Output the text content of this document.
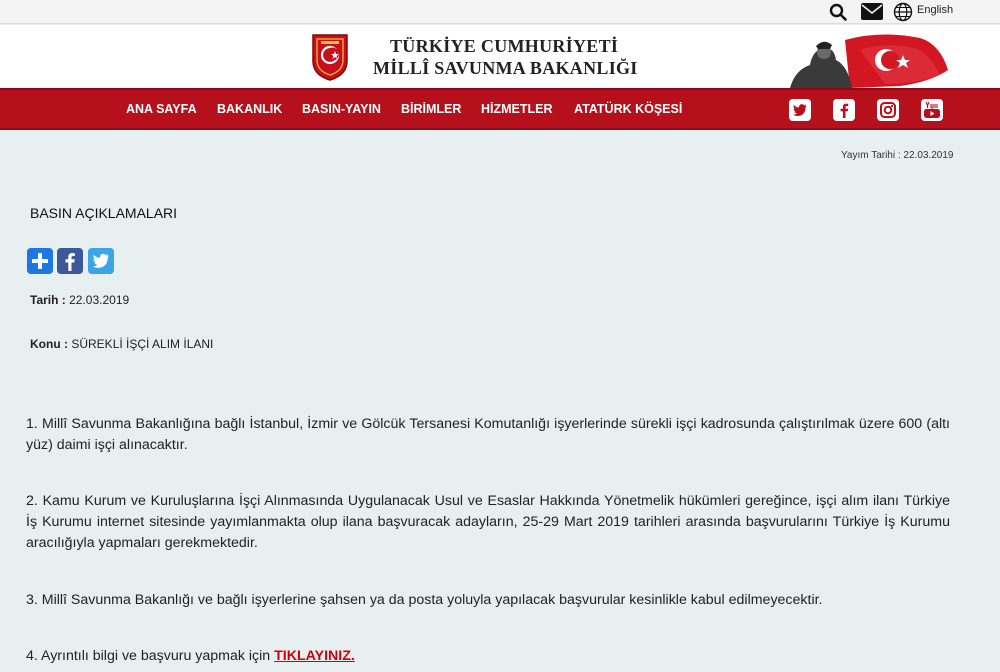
English
TÜRKİYE CUMHURİYETİ
MİLLÎ SAVUNMA BAKANLIĞI
ANA SAYFA BAKANLIK BASIN-YAYIN BİRİMLER HİZMETLER ATATÜRK KÖŞESİ
Yayım Tarihi : 22.03.2019
BASIN AÇIKLAMALARI
Tarih : 22.03.2019
Konu : SÜREKLİ İŞÇİ ALIM İLANI

1. Millî Savunma Bakanlığına bağlı İstanbul, İzmir ve Gölcük Tersanesi Komutanlığı işyerlerinde sürekli işçi kadrosunda çalıştırılmak üzere 600 (altı yüz) daimi işçi alınacaktır.

2. Kamu Kurum ve Kuruluşlarına İşçi Alınmasında Uygulanacak Usul ve Esaslar Hakkında Yönetmelik hükümleri gereğince, işçi alım ilanı Türkiye İş Kurumu internet sitesinde yayımlanmakta olup ilana başvuracak adayların, 25-29 Mart 2019 tarihleri arasında başvurularını Türkiye İş Kurumu aracılığıyla yapmaları gerekmektedir.

3. Millî Savunma Bakanlığı ve bağlı işyerlerine şahsen ya da posta yoluyla yapılacak başvurular kesinlikle kabul edilmeyecektir.

4. Ayrıntılı bilgi ve başvuru yapmak için TIKLAYINIZ.
